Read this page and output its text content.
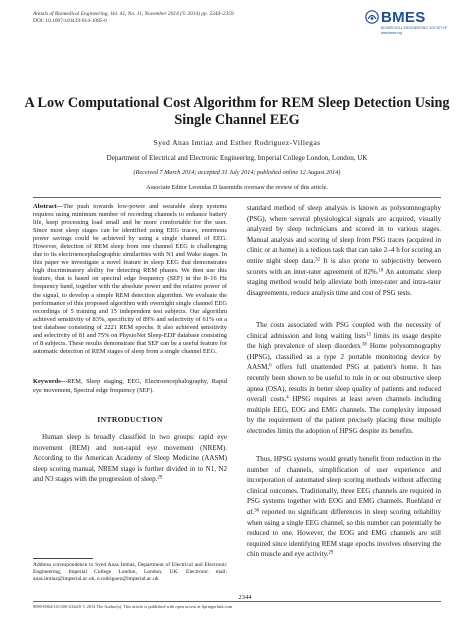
Annals of Biomedical Engineering, Vol. 42, No. 11, November 2014 (© 2014) pp. 2344–2359
DOI: 10.1007/s10439-014-1085-6	BMES
BIOMEDICAL ENGINEERING SOCIETY®
www.bmes.org
A Low Computational Cost Algorithm for REM Sleep Detection Using
Single Channel EEG
Syed Anas Imtiaz and Esther Rodriguez-Villegas
Department of Electrical and Electronic Engineering, Imperial College London, London, UK
(Received 7 March 2014; accepted 31 July 2014; published online 12 August 2014)
Associate Editor Leonidas D Iasemidis oversaw the review of this article.
Abstract—The push towards low-power and wearable sleep systems requires using minimum number of recording channels to enhance battery life, keep processing load small and be more comfortable for the user. Since most sleep stages can be identified using EEG traces, enormous power savings could be achieved by using a single channel of EEG. However, detection of REM sleep from one channel EEG is challenging due to its electroencephalographic similarities with N1 and Wake stages. In this paper we investigate a novel feature in sleep EEG that demonstrates high discriminatory ability for detecting REM phases. We then use this feature, that is based on spectral edge frequency (SEF) in the 8–16 Hz frequency band, together with the absolute power and the relative power of the signal, to develop a simple REM detection algorithm. We evaluate the performance of this proposed algorithm with overnight single channel EEG recordings of 5 training and 15 independent test subjects. Our algorithm achieved sensitivity of 83%, specificity of 89% and selectivity of 61% on a test database consisting of 2221 REM epochs. It also achieved sensitivity and selectivity of 81 and 75% on PhysioNet Sleep-EDF database consisting of 8 subjects. These results demonstrate that SEF can be a useful feature for automatic detection of REM stages of sleep from a single channel EEG.
Keywords—REM, Sleep staging, EEG, Electroencephalography, Rapid eye movement, Spectral edge frequency (SEF).
INTRODUCTION

Human sleep is broadly classified in two groups: rapid eye movement (REM) and non-rapid eye movement (NREM). According to the American Academy of Sleep Medicine (AASM) sleep scoring manual, NREM stage is further divided in to N1, N2 and N3 stages with the progression of sleep.$^{29}$

standard method of sleep analysis is known as polysomnography (PSG), where several physiological signals are acquired, visually analyzed by sleep technicians and scored in to various stages. Manual analysis and scoring of sleep from PSG traces (acquired in clinic or at home) is a tedious task that can take 2–4 h for scoring an entire night sleep data.$^{32}$ It is also prone to subjectivity between scorers with an inter-rater agreement of 82%.$^{18}$ An automatic sleep staging method would help alleviate both inter-rater and intra-rater disagreements, reduce analysis time and cost of PSG tests.

The costs associated with PSG coupled with the necessity of clinical admission and long waiting lists$^{13}$ limits its usage despite the high prevalence of sleep disorders.$^{38}$ Home polysomnography (HPSG), classified as a type 2 portable monitoring device by AASM,$^6$ offers full unattended PSG at patient's home. It has recently been shown to be useful to rule in or out obstructive sleep apnea (OSA), results in better sleep quality of patients and reduced overall costs.$^4$ HPSG requires at least seven channels including multiple EEG, EOG and EMG channels. The complexity imposed by the requirement of the patient precisely placing these multiple electrodes limits the adoption of HPSG despite its benefits.

Thus, HPSG systems would greatly benefit from reduction in the number of channels, simplification of user experience and incorporation of automated sleep scoring methods without affecting clinical outcomes. Traditionally, three EEG channels are required in PSG systems together with EOG and EMG channels. Ruehland et al.$^{36}$ reported no significant differences in sleep scoring reliability when using a single EEG channel, so this number can potentially be reduced to one. However, the EOG and EMG channels are still required since identifying REM stage epochs involves observing the chin muscle and eye activity.$^{29}$

Address correspondence to Syed Anas Imtiaz, Department of Electrical and Electronic Engineering, Imperial College London, London, UK. Electronic mail: anas.imtiaz@imperial.ac.uk, e.rodriguez@imperial.ac.uk
2344
0090-6964/14/1100-2344/0 © 2014 The Author(s). This article is published with open access at Springerlink.com
